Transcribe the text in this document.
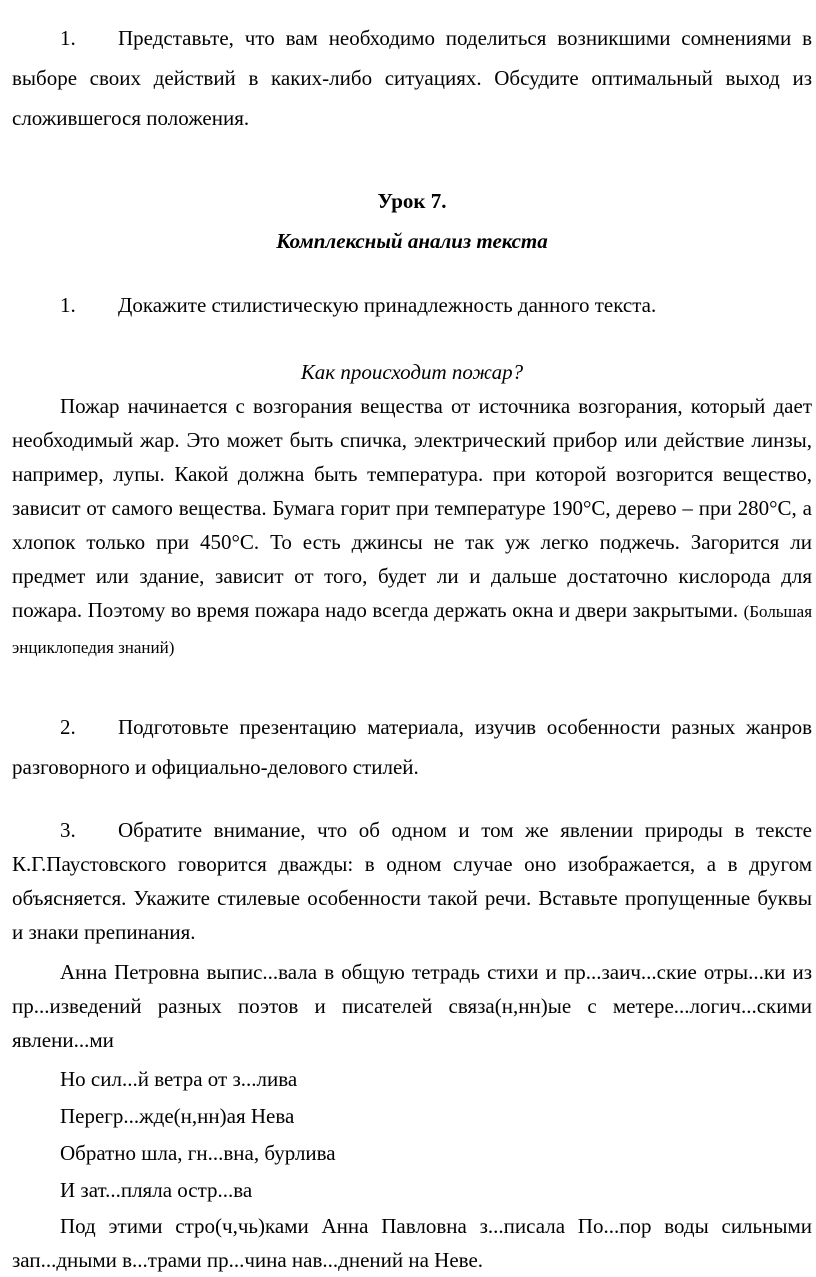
1. Представьте, что вам необходимо поделиться возникшими сомнениями в выборе своих действий в каких-либо ситуациях. Обсудите оптимальный выход из сложившегося положения.

Урок 7.

Комплексный анализ текста

1. Докажите стилистическую принадлежность данного текста.

Как происходит пожар?

Пожар начинается с возгорания вещества от источника возгорания, который дает необходимый жар. Это может быть спичка, электрический прибор или действие линзы, например, лупы. Какой должна быть температура. при которой возгорится вещество, зависит от самого вещества. Бумага горит при температуре 190°С, дерево – при 280°С, а хлопок только при 450°С. То есть джинсы не так уж легко поджечь. Загорится ли предмет или здание, зависит от того, будет ли и дальше достаточно кислорода для пожара. Поэтому во время пожара надо всегда держать окна и двери закрытыми. (Большая энциклопедия знаний)

2. Подготовьте презентацию материала, изучив особенности разных жанров разговорного и официально-делового стилей.

3. Обратите внимание, что об одном и том же явлении природы в тексте К.Г.Паустовского говорится дважды: в одном случае оно изображается, а в другом объясняется. Укажите стилевые особенности такой речи. Вставьте пропущенные буквы и знаки препинания.

Анна Петровна выпис...вала в общую тетрадь стихи и пр...заич...ские отры...ки из пр...изведений разных поэтов и писателей связа(н,нн)ые с метере...логич...скими явлени...ми

Но сил...й ветра от з...лива

Перегр...жде(н,нн)ая Нева

Обратно шла, гн...вна, бурлива

И зат...пляла остр...ва

Под этими стро(ч,чь)ками Анна Павловна з...писала По...пор воды сильными зап...дными в...трами пр...чина нав...днений на Неве.
